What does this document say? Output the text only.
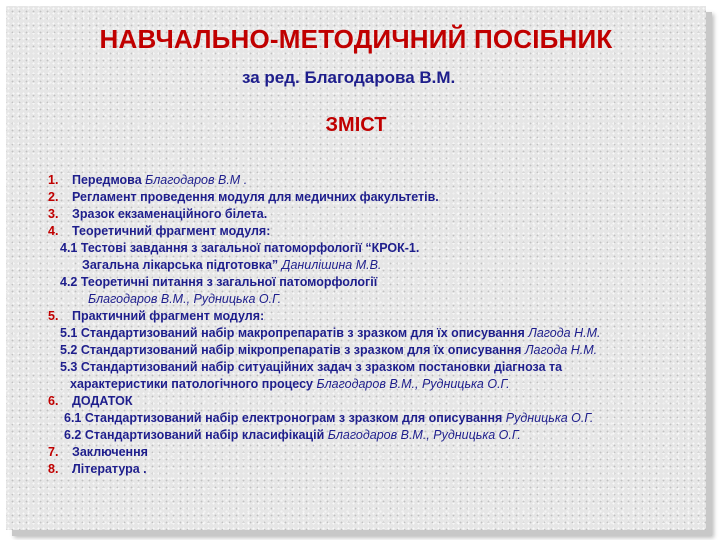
НАВЧАЛЬНО-МЕТОДИЧНИЙ ПОСІБНИК
за ред. Благодарова В.М.
ЗМІСТ
1. Передмова Благодаров В.М .
2. Регламент проведення модуля для медичних факультетів.
3. Зразок екзаменаційного білета.
4. Теоретичний фрагмент модуля:
4.1 Тестові завдання з загальної патоморфології “КРОК-1.
Загальна лікарська підготовка” Данилішина М.В.
4.2 Теоретичні питання з загальної патоморфології
Благодаров В.М., Рудницька О.Г.
5. Практичний фрагмент модуля:
5.1 Стандартизований набір макропрепаратів з зразком для їх описування Лагода Н.М.
5.2 Стандартизований набір мікропрепаратів з зразком для їх описування Лагода Н.М.
5.3 Стандартизований набір ситуаційних задач з зразком постановки діагноза та
характеристики патологічного процесу Благодаров В.М., Рудницька О.Г.
6. ДОДАТОК
6.1 Стандартизований набір електронограм з зразком для описування Рудницька О.Г.
6.2 Стандартизований набір класифікацій Благодаров В.М., Рудницька О.Г.
7. Заключення
8. Література .
